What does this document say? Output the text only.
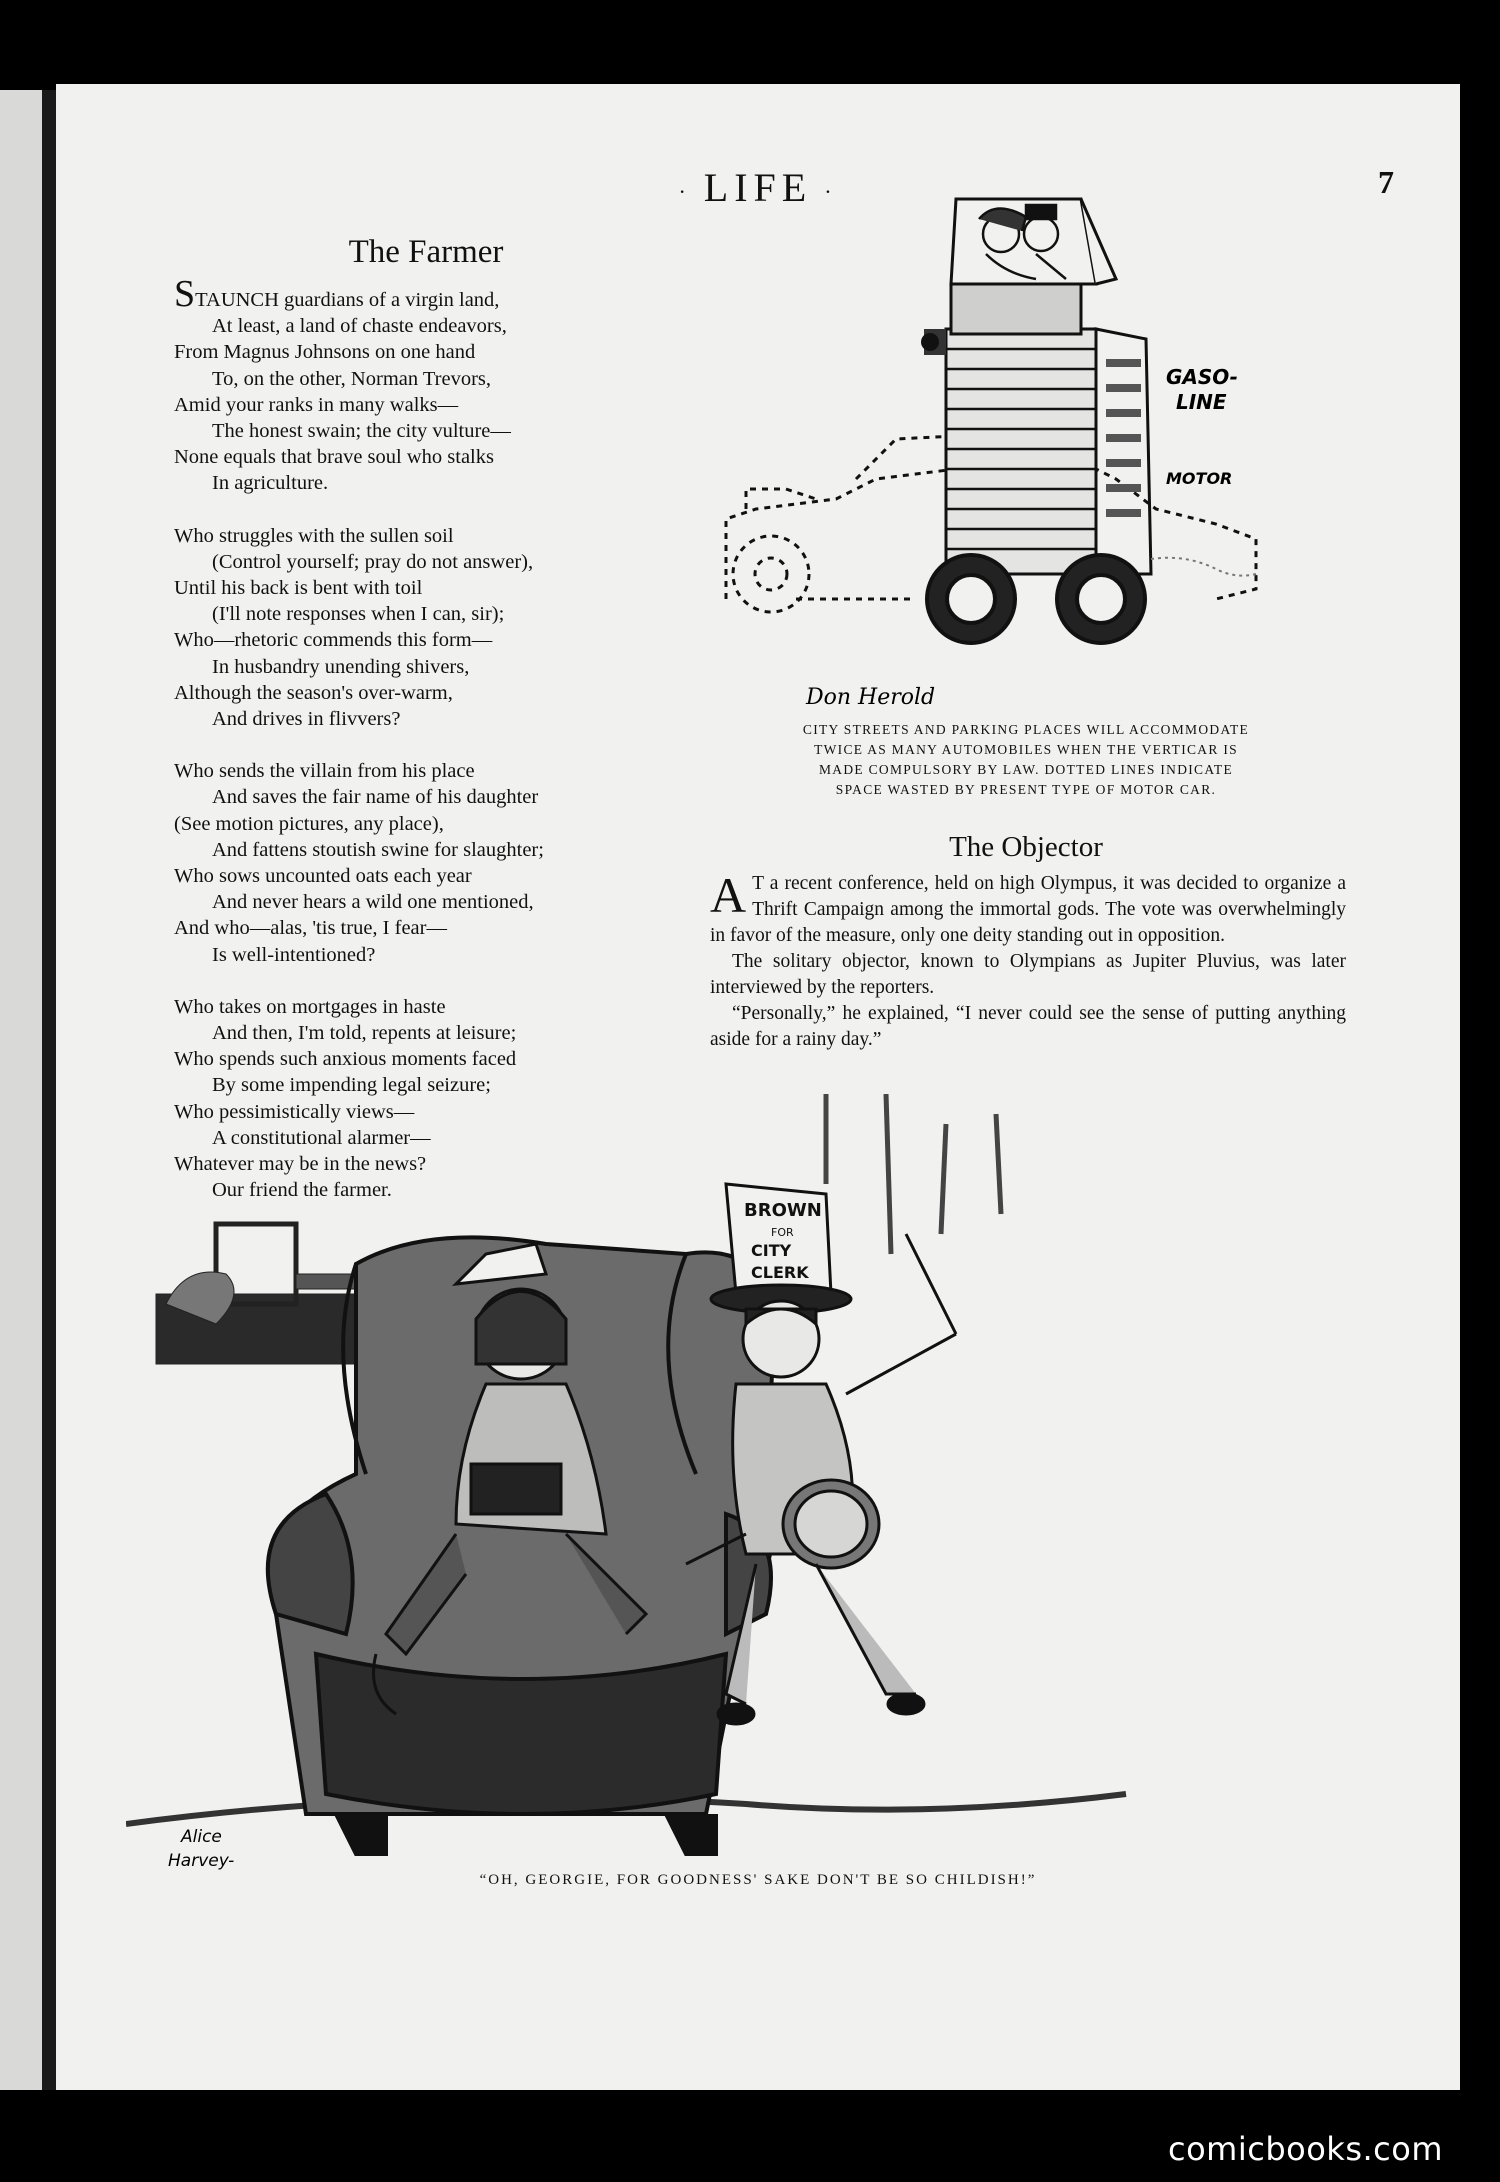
· LIFE ·	7
The Farmer
STAUNCH guardians of a virgin land,
At least, a land of chaste endeavors,
From Magnus Johnsons on one hand
To, on the other, Norman Trevors,
Amid your ranks in many walks—
The honest swain; the city vulture—
None equals that brave soul who stalks
In agriculture.
Who struggles with the sullen soil
(Control yourself; pray do not answer),
Until his back is bent with toil
(I'll note responses when I can, sir);
Who—rhetoric commends this form—
In husbandry unending shivers,
Although the season's over-warm,
And drives in flivvers?
Who sends the villain from his place
And saves the fair name of his daughter
(See motion pictures, any place),
And fattens stoutish swine for slaughter;
Who sows uncounted oats each year
And never hears a wild one mentioned,
And who—alas, 'tis true, I fear—
Is well-intentioned?
Who takes on mortgages in haste
And then, I'm told, repents at leisure;
Who spends such anxious moments faced
By some impending legal seizure;
Who pessimistically views—
A constitutional alarmer—
Whatever may be in the news?
Our friend the farmer.
GASO-
LINE
MOTOR
Don Herold
CITY STREETS AND PARKING PLACES WILL ACCOMMODATE
TWICE AS MANY AUTOMOBILES WHEN THE VERTICAR IS
MADE COMPULSORY BY LAW. DOTTED LINES INDICATE
SPACE WASTED BY PRESENT TYPE OF MOTOR CAR.
The Objector

A T a recent conference, held on high Olympus, it was decided to organize a Thrift Campaign among the immortal gods. The vote was overwhelmingly in favor of the measure, only one deity standing out in opposition.

The solitary objector, known to Olympians as Jupiter Pluvius, was later interviewed by the reporters.

“Personally,” he explained, “I never could see the sense of putting anything aside for a rainy day.”

BROWN
FOR
CITY
CLERK
Alice
Harvey-
“OH, GEORGIE, FOR GOODNESS' SAKE DON'T BE SO CHILDISH!”
comicbooks.com
